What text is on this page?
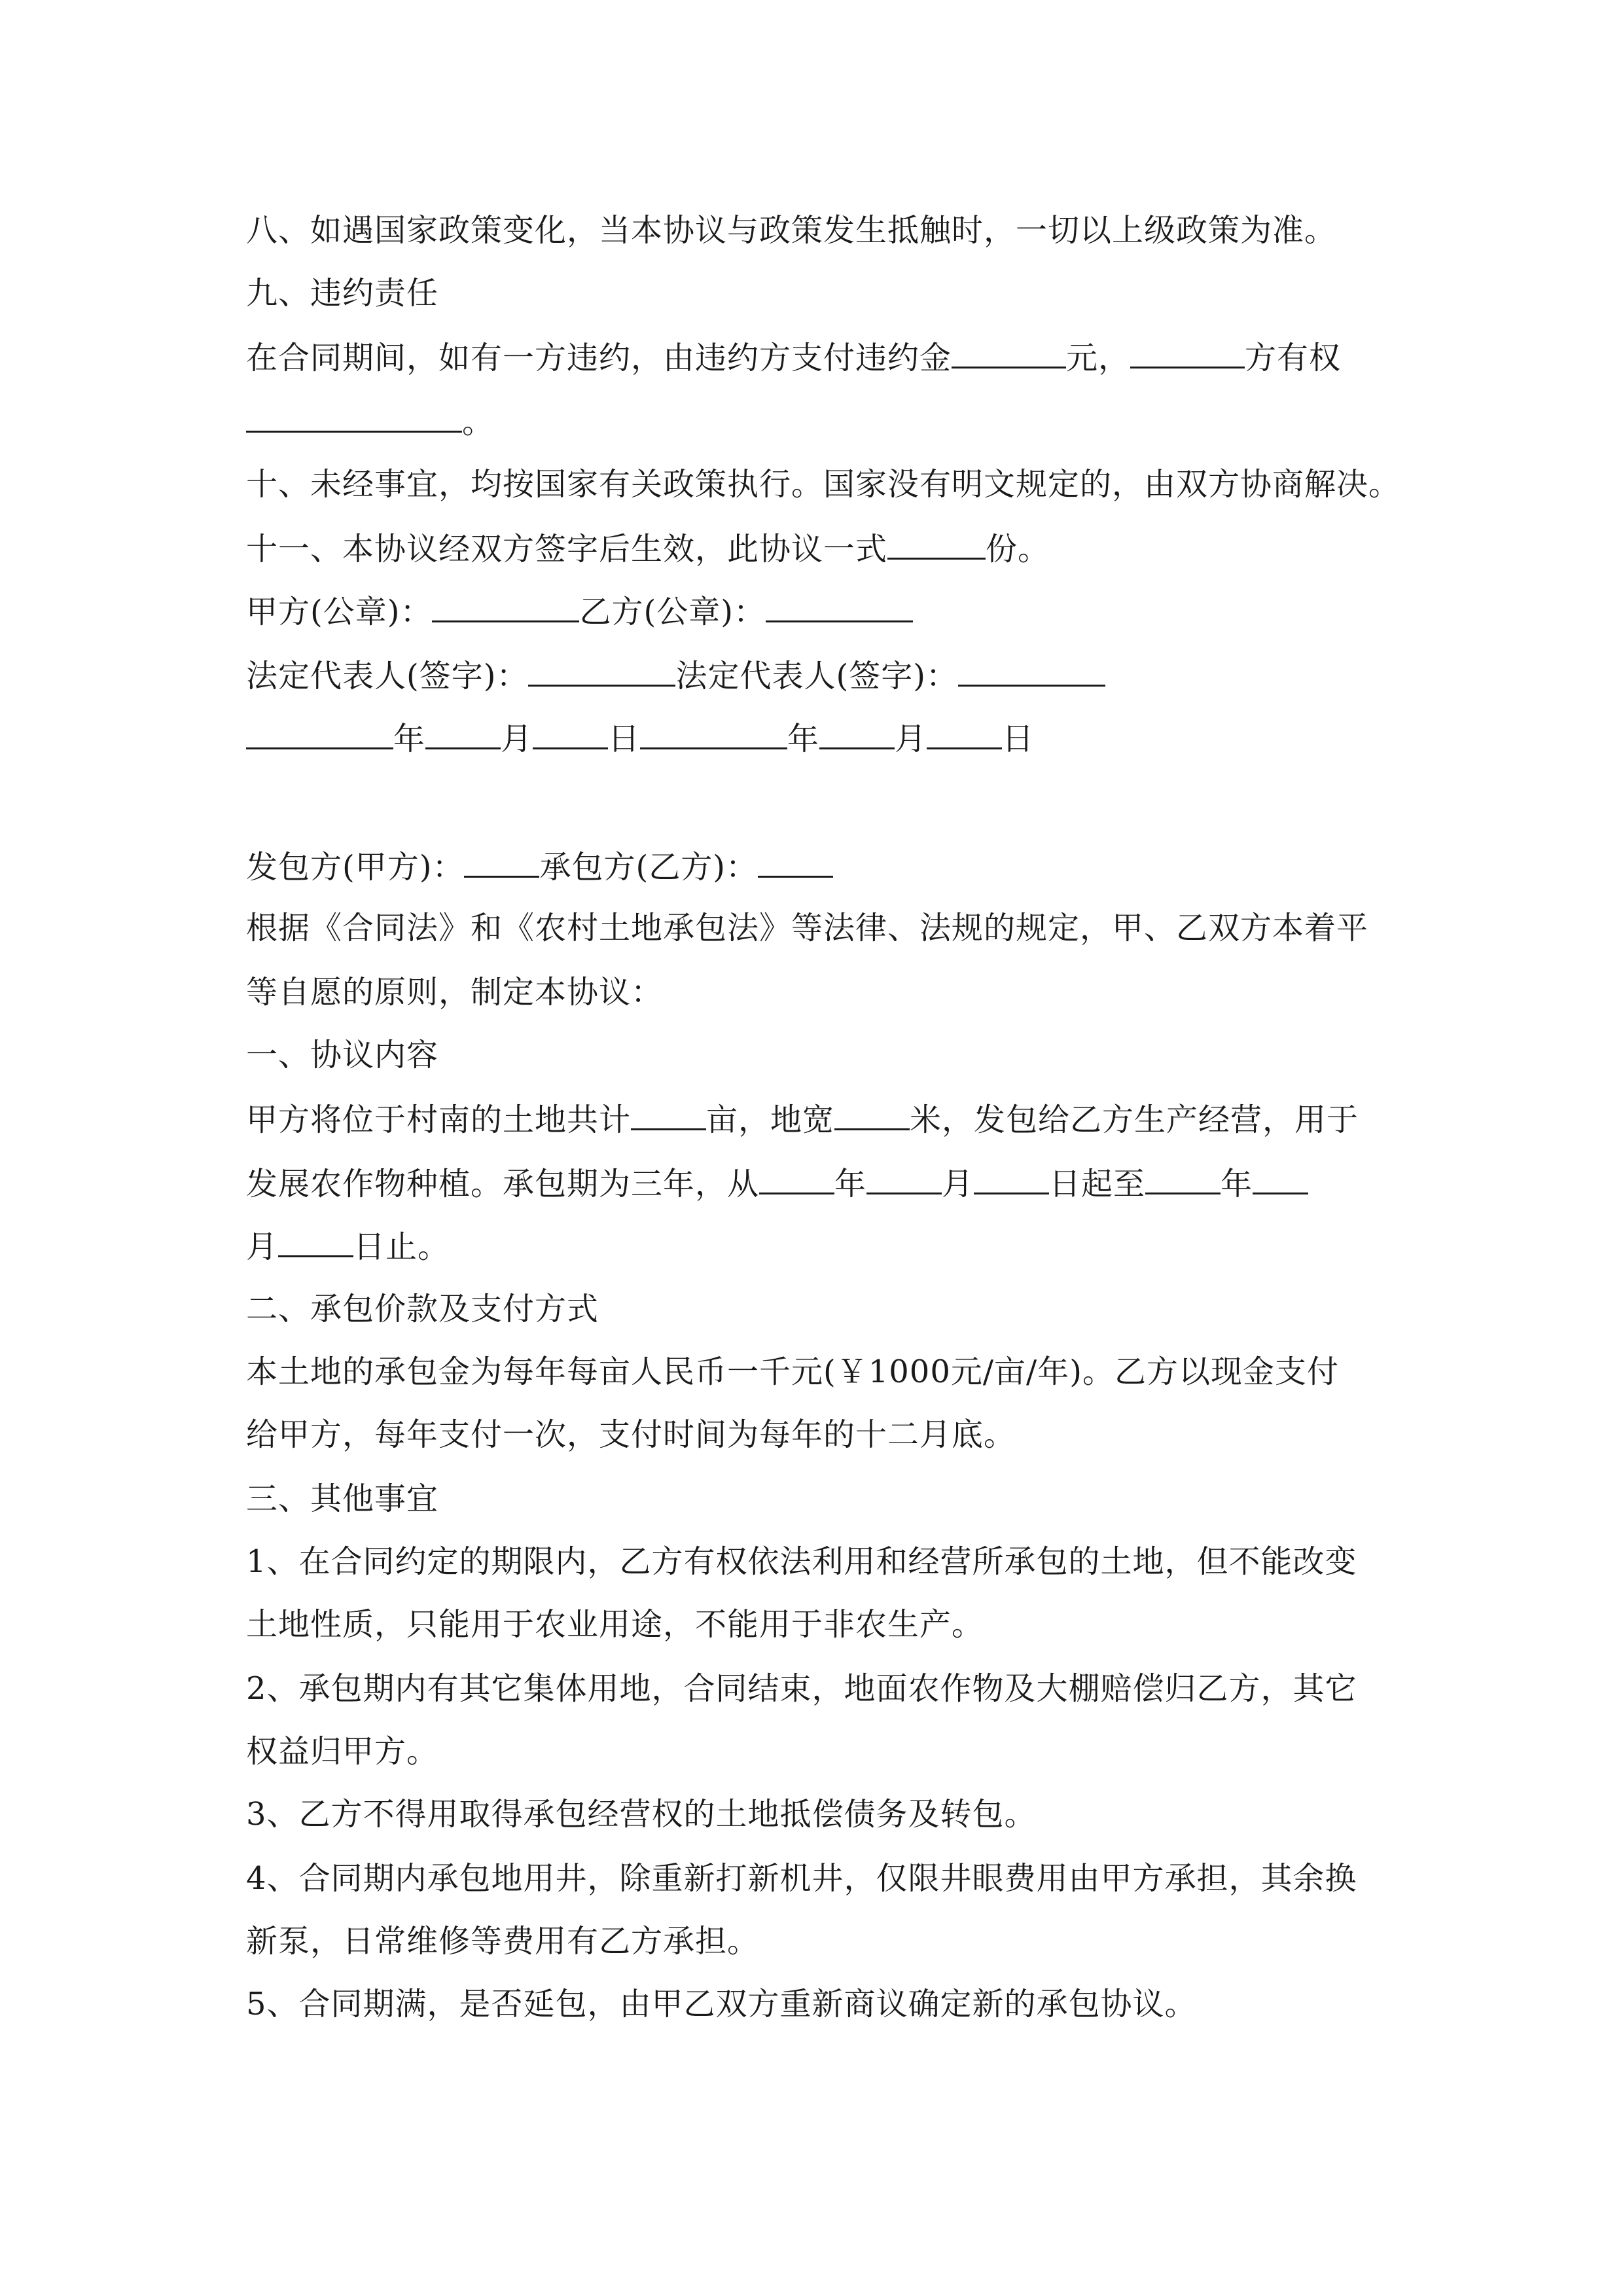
八、如遇国家政策变化，当本协议与政策发生抵触时，一切以上级政策为准。
九、违约责任
在合同期间，如有一方违约，由违约方支付违约金	元，	方有权
。
十、未经事宜，均按国家有关政策执行。国家没有明文规定的，由双方协商解决。
十一、本协议经双方签字后生效，此协议一式	份。
甲方(公章)：	乙方(公章)：
法定代表人(签字)：	法定代表人(签字)：
年 月 日	年 月 日
发包方(甲方)： 承包方(乙方)：
根据《合同法》和《农村土地承包法》等法律、法规的规定，甲、乙双方本着平
等自愿的原则，制定本协议：
一、协议内容
甲方将位于村南的土地共计 亩，地宽 米，发包给乙方生产经营，用于
发展农作物种植。承包期为三年，从 年 月 日起至 年
月 日止。
二、承包价款及支付方式
本土地的承包金为每年每亩人民币一千元(￥1000元/亩/年)。乙方以现金支付
给甲方，每年支付一次，支付时间为每年的十二月底。
三、其他事宜
1、在合同约定的期限内，乙方有权依法利用和经营所承包的土地，但不能改变
土地性质，只能用于农业用途，不能用于非农生产。
2、承包期内有其它集体用地，合同结束，地面农作物及大棚赔偿归乙方，其它
权益归甲方。
3、乙方不得用取得承包经营权的土地抵偿债务及转包。
4、合同期内承包地用井，除重新打新机井，仅限井眼费用由甲方承担，其余换
新泵，日常维修等费用有乙方承担。
5、合同期满，是否延包，由甲乙双方重新商议确定新的承包协议。
